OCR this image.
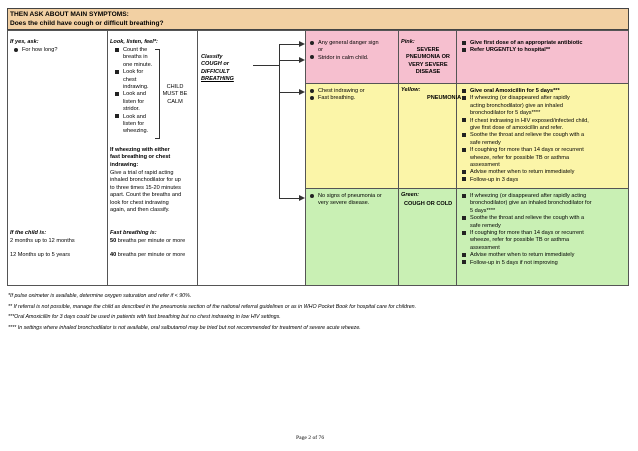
THEN ASK ABOUT MAIN SYMPTOMS:
Does the child have cough or difficult breathing?
If yes, ask:
For how long?
If the child is:
2 months up to 12 months
12 Months up to 5 years
Look, listen, feel*:
Count the
breaths in
one minute.
Look for
chest
indrawing.
Look and
listen for
stridor.
Look and
listen for
wheezing.
CHILD
MUST BE
CALM
If wheezing with either
fast breathing or chest
indrawing:
Give a trial of rapid acting
inhaled bronchodilator for up
to three times 15-20 minutes
apart. Count the breaths and
look for chest indrawing
again, and then classify.
Fast breathing is:
50 breaths per minute or more
40 breaths per minute or more
Classify
COUGH or
DIFFICULT
BREATHING
Any general danger sign
or
Stridor in calm child.
Pink:
SEVERE
PNEUMONIA OR
VERY SEVERE
DISEASE
Give first dose of an appropriate antibiotic
Refer URGENTLY to hospital**
Chest indrawing or
Fast breathing.
Yellow:
PNEUMONIA
Give oral Amoxicillin for 5 days***
If wheezing (or disappeared after rapidly
acting bronchodilator) give an inhaled
bronchodilator for 5 days****
If chest indrawing in HIV exposed/infected child,
give first dose of amoxicillin and refer.
Soothe the throat and relieve the cough with a
safe remedy
If coughing for more than 14 days or recurrent
wheeze, refer for possible TB or asthma
assessment
Advise mother when to return immediately
Follow-up in 3 days
No signs of pneumonia or
very severe disease.
Green:
COUGH OR COLD
If wheezing (or disappeared after rapidly acting
bronchodilator) give an inhaled bronchodilator for
5 days****
Soothe the throat and relieve the cough with a
safe remedy
If coughing for more than 14 days or recurrent
wheeze, refer for possible TB or asthma
assessment
Advise mother when to return immediately
Follow-up in 5 days if not improving
*If pulse oximeter is available, determine oxygen saturation and refer if < 90%.
** If referral is not possible, manage the child as described in the pneumonia section of the national referral guidelines or as in WHO Pocket Book for hospital care for children.
***Oral Amoxicillin for 3 days could be used in patients with fast breathing but no chest indrawing in low HIV settings.
**** In settings where inhaled bronchodilator is not available, oral salbutamol may be tried but not recommended for treatment of severe acute wheeze.
Page 2 of 76
